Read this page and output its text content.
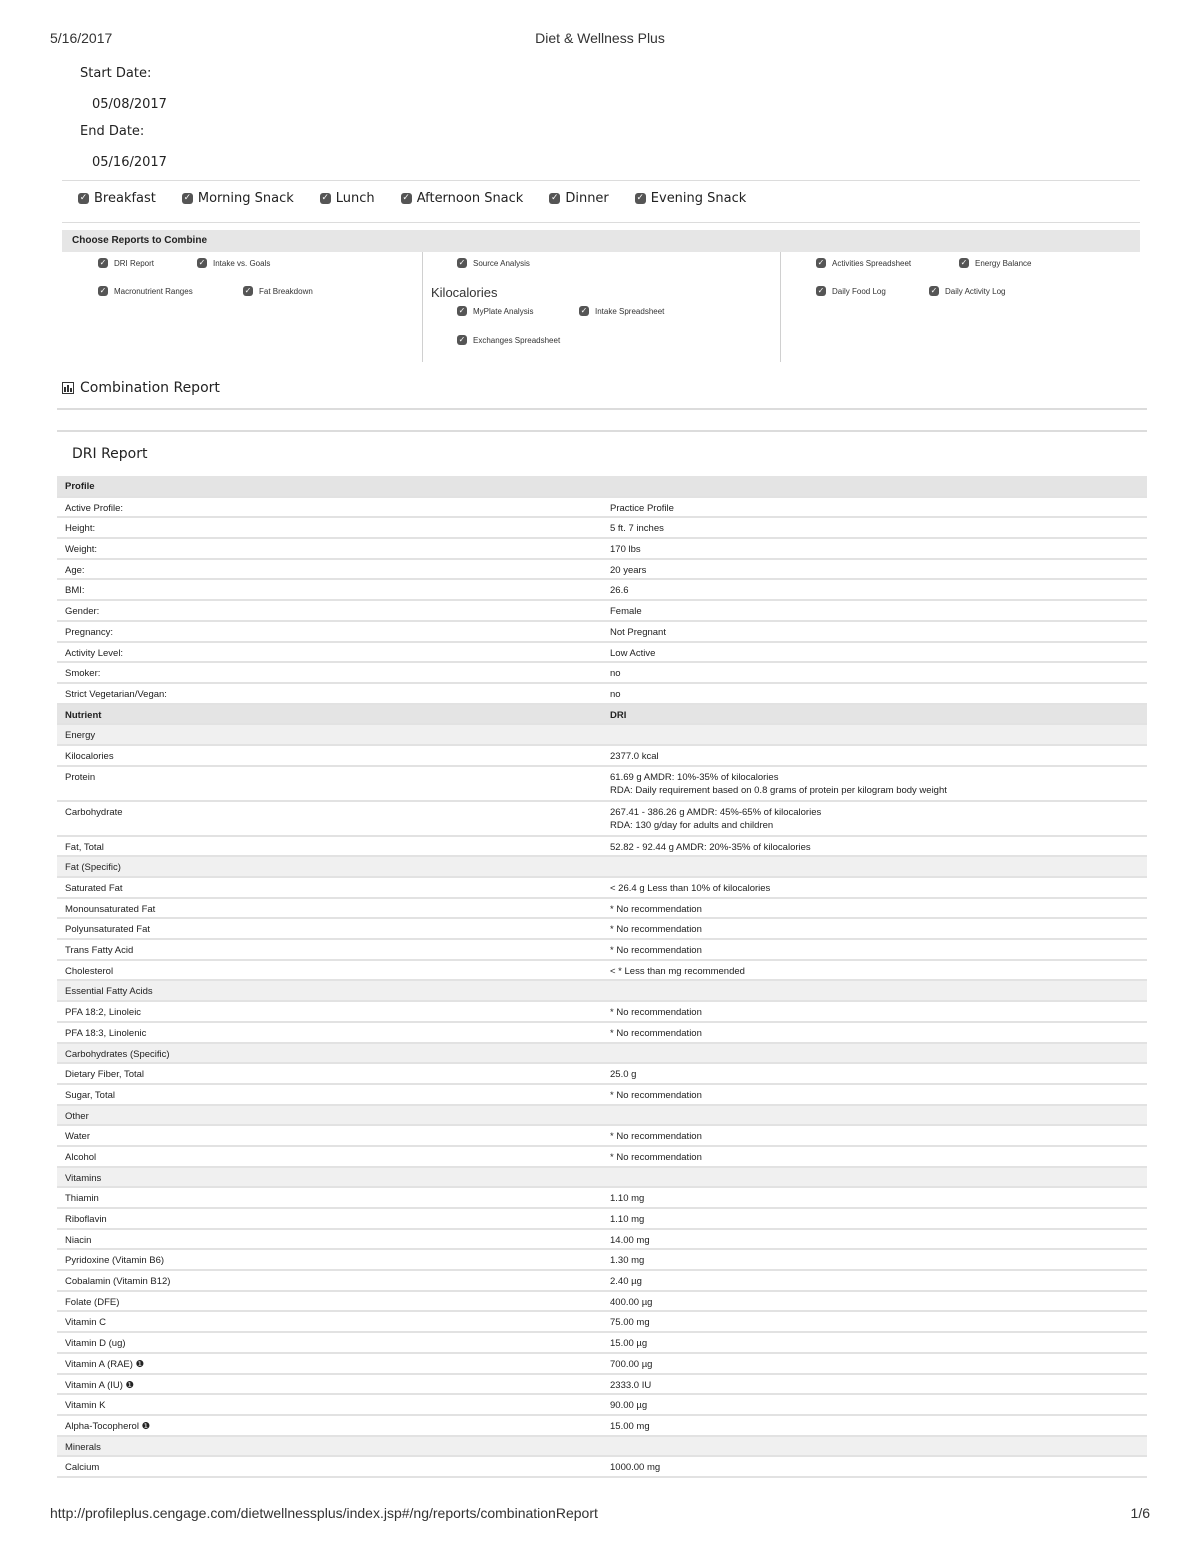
5/16/2017	Diet & Wellness Plus
Start Date:
05/08/2017
End Date:
05/16/2017
✓ Breakfast	✓ Morning Snack	✓ Lunch	✓ Afternoon Snack	✓ Dinner	✓ Evening Snack
Choose Reports to Combine
✓ DRI Report	✓ Intake vs. Goals
✓ Macronutrient Ranges	✓ Fat Breakdown
✓ Source Analysis
Kilocalories
✓ MyPlate Analysis	✓ Intake Spreadsheet
✓ Exchanges Spreadsheet
✓ Activities Spreadsheet	✓ Energy Balance
✓ Daily Food Log	✓ Daily Activity Log
Combination Report
DRI Report
Profile	
Active Profile:	Practice Profile
Height:	5 ft. 7 inches
Weight:	170 lbs
Age:	20 years
BMI:	26.6
Gender:	Female
Pregnancy:	Not Pregnant
Activity Level:	Low Active
Smoker:	no
Strict Vegetarian/Vegan:	no
Nutrient	DRI
Energy	
Kilocalories	2377.0 kcal
Protein	61.69 g AMDR: 10%-35% of kilocalories
RDA: Daily requirement based on 0.8 grams of protein per kilogram body weight

Carbohydrate	267.41 - 386.26 g AMDR: 45%-65% of kilocalories
RDA: 130 g/day for adults and children

Fat, Total	52.82 - 92.44 g AMDR: 20%-35% of kilocalories
Fat (Specific)	
Saturated Fat	< 26.4 g Less than 10% of kilocalories
Monounsaturated Fat	* No recommendation
Polyunsaturated Fat	* No recommendation
Trans Fatty Acid	* No recommendation
Cholesterol	< * Less than mg recommended
Essential Fatty Acids	
PFA 18:2, Linoleic	* No recommendation
PFA 18:3, Linolenic	* No recommendation
Carbohydrates (Specific)	
Dietary Fiber, Total	25.0 g
Sugar, Total	* No recommendation
Other	
Water	* No recommendation
Alcohol	* No recommendation
Vitamins	
Thiamin	1.10 mg
Riboflavin	1.10 mg
Niacin	14.00 mg
Pyridoxine (Vitamin B6)	1.30 mg
Cobalamin (Vitamin B12)	2.40 µg
Folate (DFE)	400.00 µg
Vitamin C	75.00 mg
Vitamin D (ug)	15.00 µg
Vitamin A (RAE) ❶	700.00 µg
Vitamin A (IU) ❶	2333.0 IU
Vitamin K	90.00 µg
Alpha-Tocopherol ❶	15.00 mg
Minerals	
Calcium	1000.00 mg
http://profileplus.cengage.com/dietwellnessplus/index.jsp#/ng/reports/combinationReport	1/6
